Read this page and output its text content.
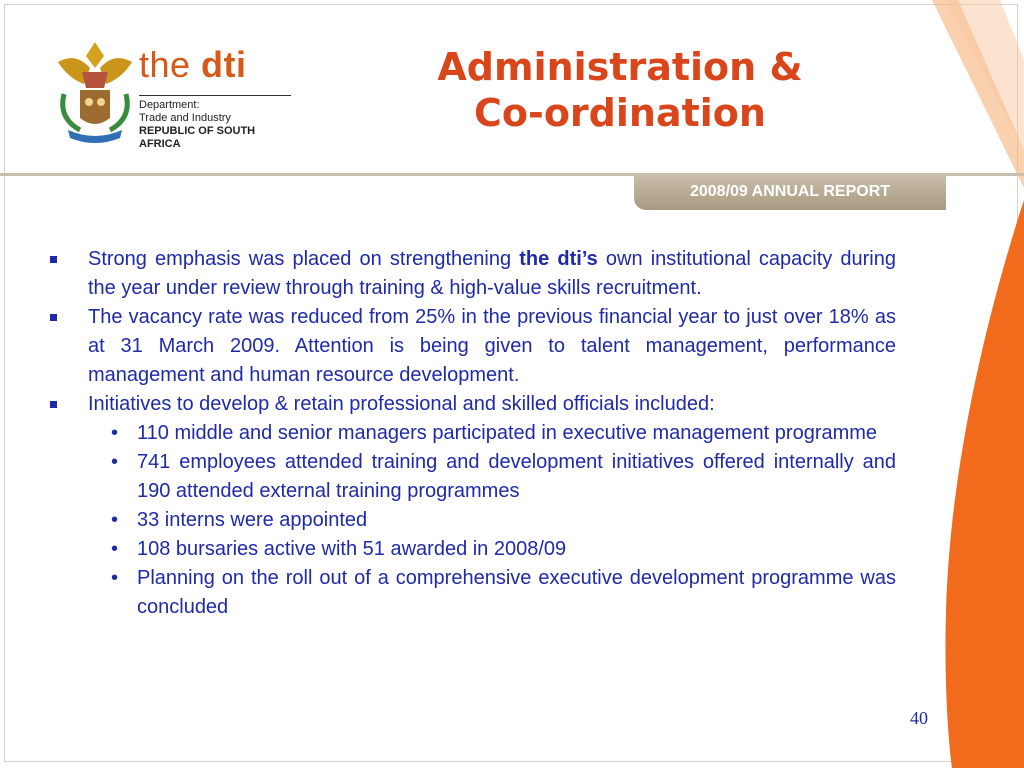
the dti
Department:
Trade and Industry
REPUBLIC OF SOUTH AFRICA
Administration &
Co-ordination
2008/09 ANNUAL REPORT
Strong emphasis was placed on strengthening the dti’s own institutional capacity during the year under review through training & high-value skills recruitment.
The vacancy rate was reduced from 25% in the previous financial year to just over 18% as at 31 March 2009. Attention is being given to talent management, performance management and human resource development.
Initiatives to develop & retain professional and skilled officials included:
• 110 middle and senior managers participated in executive management programme
• 741 employees attended training and development initiatives offered internally and 190 attended external training programmes
• 33 interns were appointed
• 108 bursaries active with 51 awarded in 2008/09
• Planning on the roll out of a comprehensive executive development programme was concluded
40
